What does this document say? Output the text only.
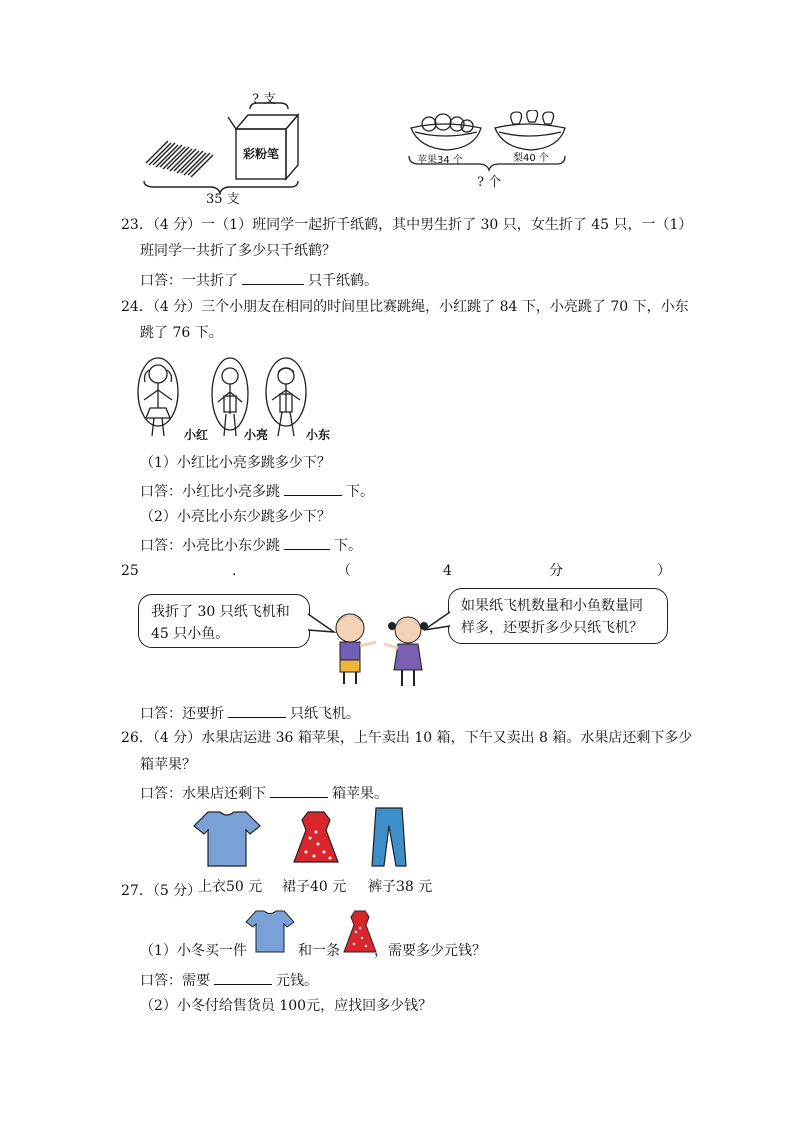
? 支
彩粉笔
35 支
苹果34 个	梨40 个
? 个
23．（4 分）一（1）班同学一起折千纸鹤，其中男生折了 30 只，女生折了 45 只，一（1）
班同学一共折了多少只千纸鹤？
口答：一共折了	只千纸鹤。
24．（4 分）三个小朋友在相同的时间里比赛跳绳，小红跳了 84 下，小亮跳了 70 下，小东
跳了 76 下。
小红	小亮	小东
（1）小红比小亮多跳多少下？
口答：小红比小亮多跳	下。
（2）小亮比小东少跳多少下？
口答：小亮比小东少跳	下。
25	.	（	4	分	）
我折了 30 只纸飞机和
45 只小鱼。
如果纸飞机数量和小鱼数量同
样多，还要折多少只纸飞机？
口答：还要折	只纸飞机。
26．（4 分）水果店运进 36 箱苹果，上午卖出 10 箱，下午又卖出 8 箱。水果店还剩下多少
箱苹果？
口答：水果店还剩下	箱苹果。
上衣50 元 裙子40 元 裤子38 元
27．（5 分）
（1）小冬买一件	和一条 ，需要多少元钱？
口答：需要	元钱。
（2）小冬付给售货员 100元，应找回多少钱？
